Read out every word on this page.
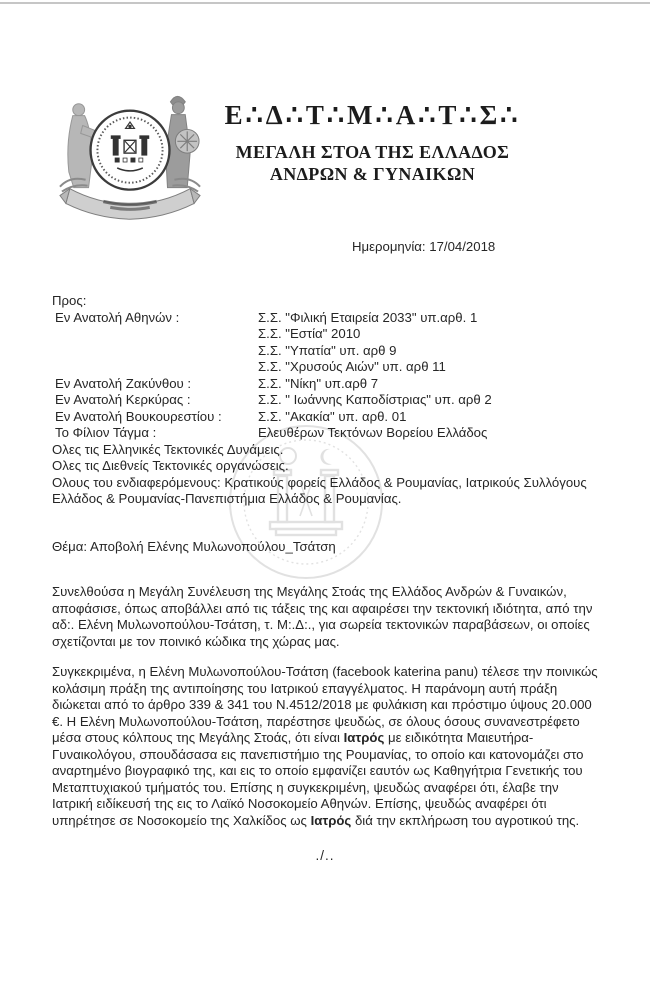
Ε∴Δ∴Τ∴Μ∴Α∴Τ∴Σ∴
ΜΕΓΑΛΗ ΣΤΟΑ ΤΗΣ ΕΛΛΑΔΟΣ
ΑΝΔΡΩΝ & ΓΥΝΑΙΚΩΝ
Ημερομηνία: 17/04/2018
Προς:
Εν Ανατολή Αθηνών :	Σ.Σ. "Φιλική Εταιρεία 2033" υπ.αρθ. 1
Σ.Σ. "Εστία" 2010
Σ.Σ. "Υπατία" υπ. αρθ 9
Σ.Σ. "Χρυσούς Αιών" υπ. αρθ 11
Εν Ανατολή Ζακύνθου :	Σ.Σ. "Νίκη" υπ.αρθ 7
Εν Ανατολή Κερκύρας :	Σ.Σ. " Ιωάννης Καποδίστριας" υπ. αρθ 2
Εν Ανατολή Βουκουρεστίου :	Σ.Σ. "Ακακία" υπ. αρθ. 01
Το Φίλιον Τάγμα :	Ελευθέρων Τεκτόνων Βορείου Ελλάδος
Ολες τις Ελληνικές Τεκτονικές Δυνάμεις.
Ολες τις Διεθνείς Τεκτονικές οργανώσεις.
Ολους του ενδιαφερόμενους: Κρατικούς φορείς Ελλάδος & Ρουμανίας, Ιατρικούς Συλλόγους Ελλάδος & Ρουμανίας-Πανεπιστήμια Ελλάδος & Ρουμανίας.
Θέμα: Αποβολή Ελένης Μυλωνοπούλου_Τσάτση

Συνελθούσα η Μεγάλη Συνέλευση της Μεγάλης Στοάς της Ελλάδος Ανδρών & Γυναικών, αποφάσισε, όπως αποβάλλει από τις τάξεις της και αφαιρέσει την τεκτονική ιδιότητα, από την αδ:. Ελένη Μυλωνοπούλου-Τσάτση, τ. Μ:.Δ:., για σωρεία τεκτονικών παραβάσεων, οι οποίες σχετίζονται με τον ποινικό κώδικα της χώρας μας.

Συγκεκριμένα, η Ελένη Μυλωνοπούλου-Τσάτση (facebook katerina panu) τέλεσε την ποινικώς κολάσιμη πράξη της αντιποίησης του Ιατρικού επαγγέλματος. Η παράνομη αυτή πράξη διώκεται από το άρθρο 339 & 341 του Ν.4512/2018 με φυλάκιση και πρόστιμο ύψους 20.000 €. Η Ελένη Μυλωνοπούλου-Τσάτση, παρέστησε ψευδώς, σε όλους όσους συνανεστρέφετο μέσα στους κόλπους της Μεγάλης Στοάς, ότι είναι Ιατρός με ειδικότητα Μαιευτήρα-Γυναικολόγου, σπουδάσασα εις πανεπιστήμιο της Ρουμανίας, το οποίο και κατονομάζει στο αναρτημένο βιογραφικό της, και εις το οποίο εμφανίζει εαυτόν ως Καθηγήτρια Γενετικής του Μεταπτυχιακού τμήματός του. Επίσης η συγκεκριμένη, ψευδώς αναφέρει ότι, έλαβε την Ιατρική ειδίκευσή της εις το Λαϊκό Νοσοκομείο Αθηνών. Επίσης, ψευδώς αναφέρει ότι υπηρέτησε σε Νοσοκομείο της Χαλκίδος ως Ιατρός διά την εκπλήρωση του αγροτικού της.

./..
